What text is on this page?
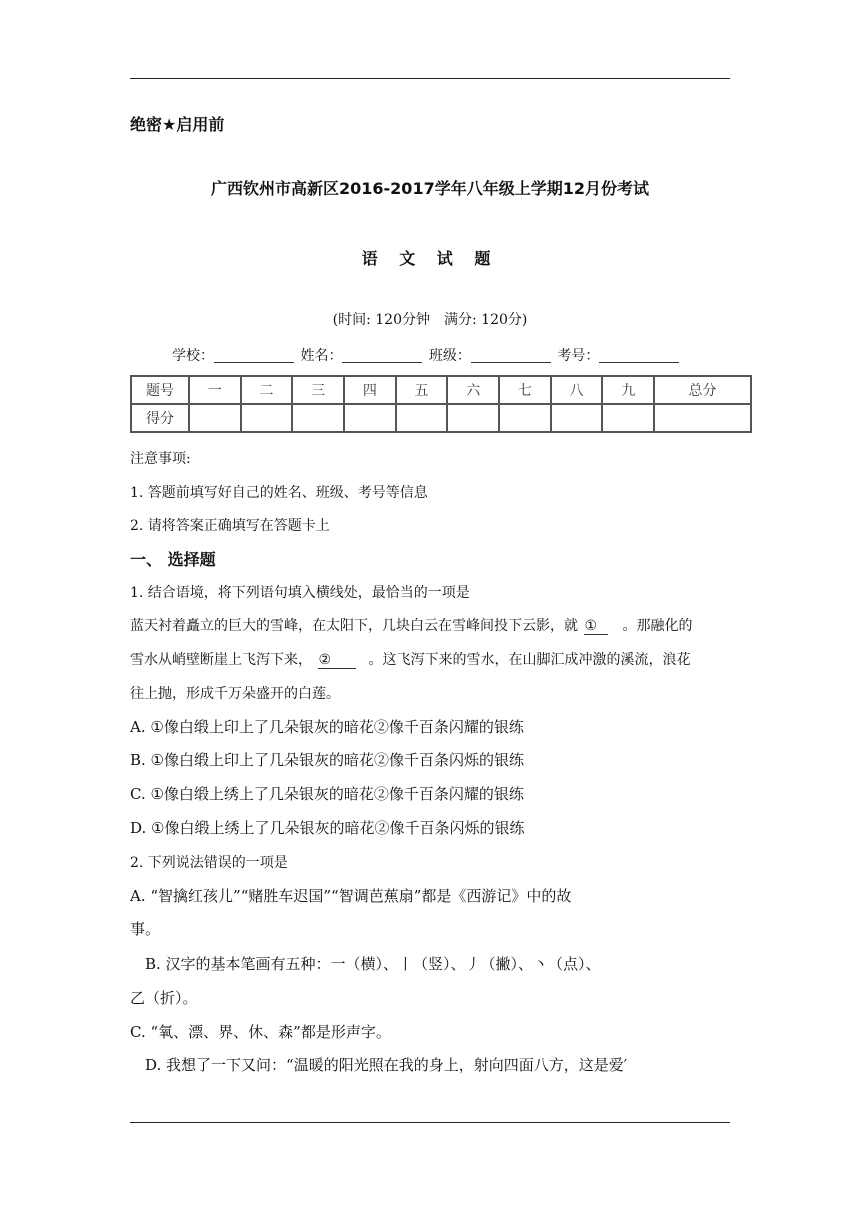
绝密★启用前
广西钦州市高新区2016-2017学年八年级上学期12月份考试
语 文 试 题
(时间: 120分钟　满分: 120分)
学校：	姓名：	班级：	考号：
题号	一	二	三	四	五	六	七	八	九	总分
得分										
注意事项:
1. 答题前填写好自己的姓名、班级、考号等信息
2. 请将答案正确填写在答题卡上
一、 选择题
1. 结合语境，将下列语句填入横线处，最恰当的一项是
蓝天衬着矗立的巨大的雪峰，在太阳下，几块白云在雪峰间投下云影，就 ① 。那融化的
雪水从峭壁断崖上飞泻下来， ②	。这飞泻下来的雪水，在山脚汇成冲激的溪流，浪花
往上抛，形成千万朵盛开的白莲。
A. ①像白缎上印上了几朵银灰的暗花②像千百条闪耀的银练
B. ①像白缎上印上了几朵银灰的暗花②像千百条闪烁的银练
C. ①像白缎上绣上了几朵银灰的暗花②像千百条闪耀的银练
D. ①像白缎上绣上了几朵银灰的暗花②像千百条闪烁的银练
2. 下列说法错误的一项是
A. “智擒红孩儿”“赌胜车迟国”“智调芭蕉扇”都是《西游记》中的故
事。
B. 汉字的基本笔画有五种：一（横）、丨（竖）、丿（撇）、丶（点）、
乙（折）。
C. “氧、漂、界、休、森”都是形声字。
D. 我想了一下又问：“温暖的阳光照在我的身上，射向四面八方，这是爱′
